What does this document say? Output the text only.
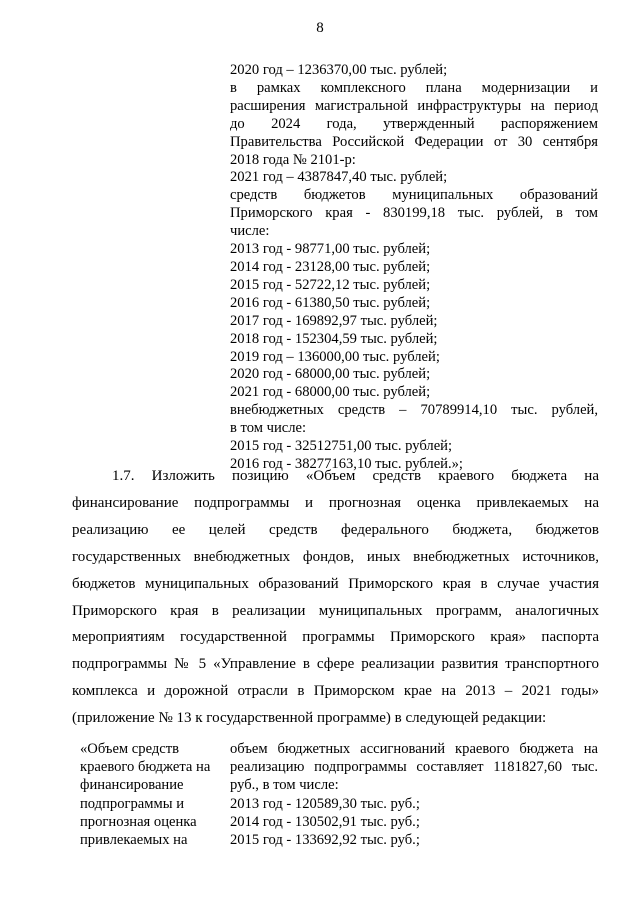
8
2020 год – 1236370,00 тыс. рублей;
в рамках комплексного плана модернизации и
расширения магистральной инфраструктуры на период
до 2024 года, утвержденный распоряжением
Правительства Российской Федерации от 30 сентября
2018 года № 2101-р:
2021 год – 4387847,40 тыс. рублей;
средств бюджетов муниципальных образований
Приморского края - 830199,18 тыс. рублей, в том
числе:
2013 год - 98771,00 тыс. рублей;
2014 год - 23128,00 тыс. рублей;
2015 год - 52722,12 тыс. рублей;
2016 год - 61380,50 тыс. рублей;
2017 год - 169892,97 тыс. рублей;
2018 год - 152304,59 тыс. рублей;
2019 год – 136000,00 тыс. рублей;
2020 год - 68000,00 тыс. рублей;
2021 год - 68000,00 тыс. рублей;
внебюджетных средств – 70789914,10 тыс. рублей,
в том числе:
2015 год - 32512751,00 тыс. рублей;
2016 год - 38277163,10 тыс. рублей.»;
1.7. Изложить позицию «Объем средств краевого бюджета на
финансирование подпрограммы и прогнозная оценка привлекаемых на
реализацию ее целей средств федерального бюджета, бюджетов
государственных внебюджетных фондов, иных внебюджетных источников,
бюджетов муниципальных образований Приморского края в случае участия
Приморского края в реализации муниципальных программ, аналогичных
мероприятиям государственной программы Приморского края» паспорта
подпрограммы № 5 «Управление в сфере реализации развития транспортного
комплекса и дорожной отрасли в Приморском крае на 2013 – 2021 годы»
(приложение № 13 к государственной программе) в следующей редакции:
«Объем средств
краевого бюджета на
финансирование
подпрограммы и
прогнозная оценка
привлекаемых на
объем бюджетных ассигнований краевого бюджета на
реализацию подпрограммы составляет 1181827,60 тыс.
руб., в том числе:
2013 год - 120589,30 тыс. руб.;
2014 год - 130502,91 тыс. руб.;
2015 год - 133692,92 тыс. руб.;
